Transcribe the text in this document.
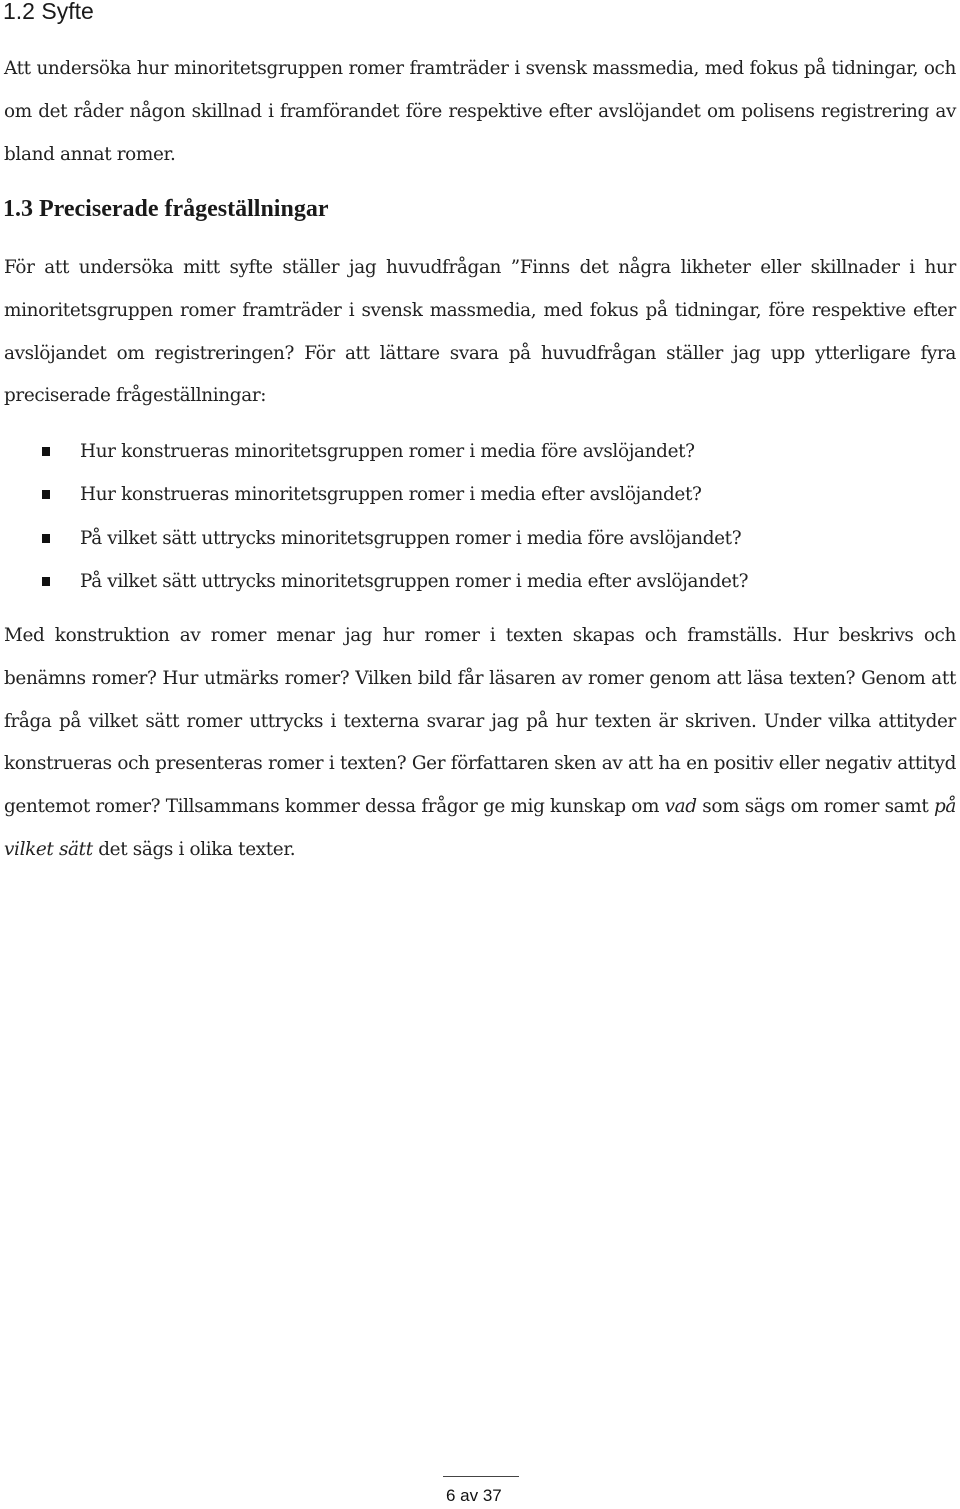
1.2 Syfte

Att undersöka hur minoritetsgruppen romer framträder i svensk massmedia, med fokus på tidningar, och om det råder någon skillnad i framförandet före respektive efter avslöjandet om polisens registrering av bland annat romer.

1.3 Preciserade frågeställningar

För att undersöka mitt syfte ställer jag huvudfrågan ”Finns det några likheter eller skillnader i hur minoritetsgruppen romer framträder i svensk massmedia, med fokus på tidningar, före respektive efter avslöjandet om registreringen? För att lättare svara på huvudfrågan ställer jag upp ytterligare fyra preciserade frågeställningar:

Hur konstrueras minoritetsgruppen romer i media före avslöjandet?
Hur konstrueras minoritetsgruppen romer i media efter avslöjandet?
På vilket sätt uttrycks minoritetsgruppen romer i media före avslöjandet?
På vilket sätt uttrycks minoritetsgruppen romer i media efter avslöjandet?

Med konstruktion av romer menar jag hur romer i texten skapas och framställs. Hur beskrivs och benämns romer? Hur utmärks romer? Vilken bild får läsaren av romer genom att läsa texten? Genom att fråga på vilket sätt romer uttrycks i texterna svarar jag på hur texten är skriven. Under vilka attityder konstrueras och presenteras romer i texten? Ger författaren sken av att ha en positiv eller negativ attityd gentemot romer? Tillsammans kommer dessa frågor ge mig kunskap om vad som sägs om romer samt på vilket sätt det sägs i olika texter.

6 av 37
